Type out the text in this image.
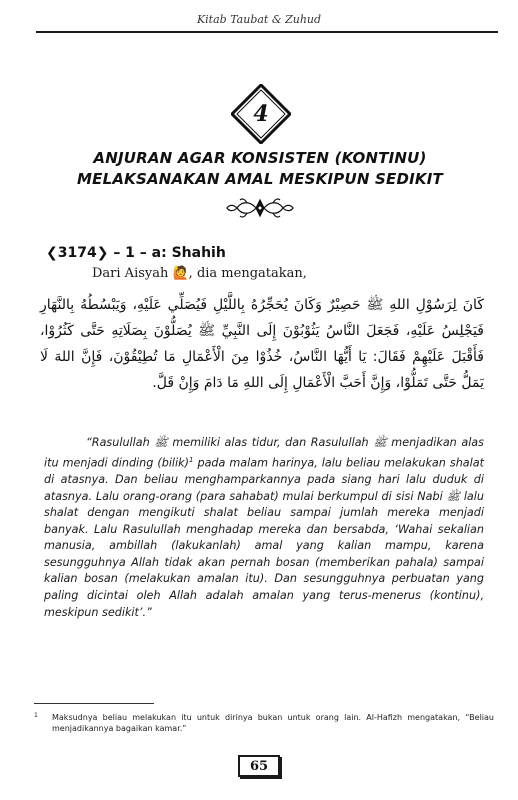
Kitab Taubat & Zuhud
4
ANJURAN AGAR KONSISTEN (KONTINU)
MELAKSANAKAN AMAL MESKIPUN SEDIKIT
❮3174❯ – 1 – a: Shahih
Dari Aisyah 🙋, dia mengatakan,
كَانَ لِرَسُوْلِ اللهِ ﷺ حَصِيْرٌ وَكَانَ يُحَجِّرُهُ بِاللَّيْلِ فَيُصَلِّي عَلَيْهِ، وَيَبْسُطُهُ بِالنَّهَارِ فَيَجْلِسُ عَلَيْهِ، فَجَعَلَ النَّاسُ يَثُوْبُوْنَ إِلَى النَّبِيِّ ﷺ يُصَلُّوْنَ بِصَلَاتِهِ حَتَّى كَثُرُوْا، فَأَقْبَلَ عَلَيْهِمْ فَقَالَ: يَا أَيُّهَا النَّاسُ، خُذُوْا مِنَ الْأَعْمَالِ مَا تُطِيْقُوْنَ، فَإِنَّ اللهَ لَا يَمَلُّ حَتَّى تَمَلُّوْا، وَإِنَّ أَحَبَّ الْأَعْمَالِ إِلَى اللهِ مَا دَامَ وَإِنْ قَلَّ.
“Rasulullah ﷺ memiliki alas tidur, dan Rasulullah ﷺ menjadikan alas itu menjadi dinding (bilik)$^1$ pada malam harinya, lalu beliau melakukan shalat di atasnya. Dan beliau menghamparkannya pada siang hari lalu duduk di atasnya. Lalu orang-orang (para sahabat) mulai berkumpul di sisi Nabi ﷺ lalu shalat dengan mengikuti shalat beliau sampai jumlah mereka menjadi banyak. Lalu Rasulullah menghadap mereka dan bersabda, ‘Wahai sekalian manusia, ambillah (lakukanlah) amal yang kalian mampu, karena sesungguhnya Allah tidak akan pernah bosan (memberikan pahala) sampai kalian bosan (melakukan amalan itu). Dan sesungguhnya perbuatan yang paling dicintai oleh Allah adalah amalan yang terus-menerus (kontinu), meskipun sedikit’.”
1	Maksudnya beliau melakukan itu untuk dirinya bukan untuk orang lain. Al-Hafizh mengatakan, “Beliau menjadikannya bagaikan kamar.”
65
